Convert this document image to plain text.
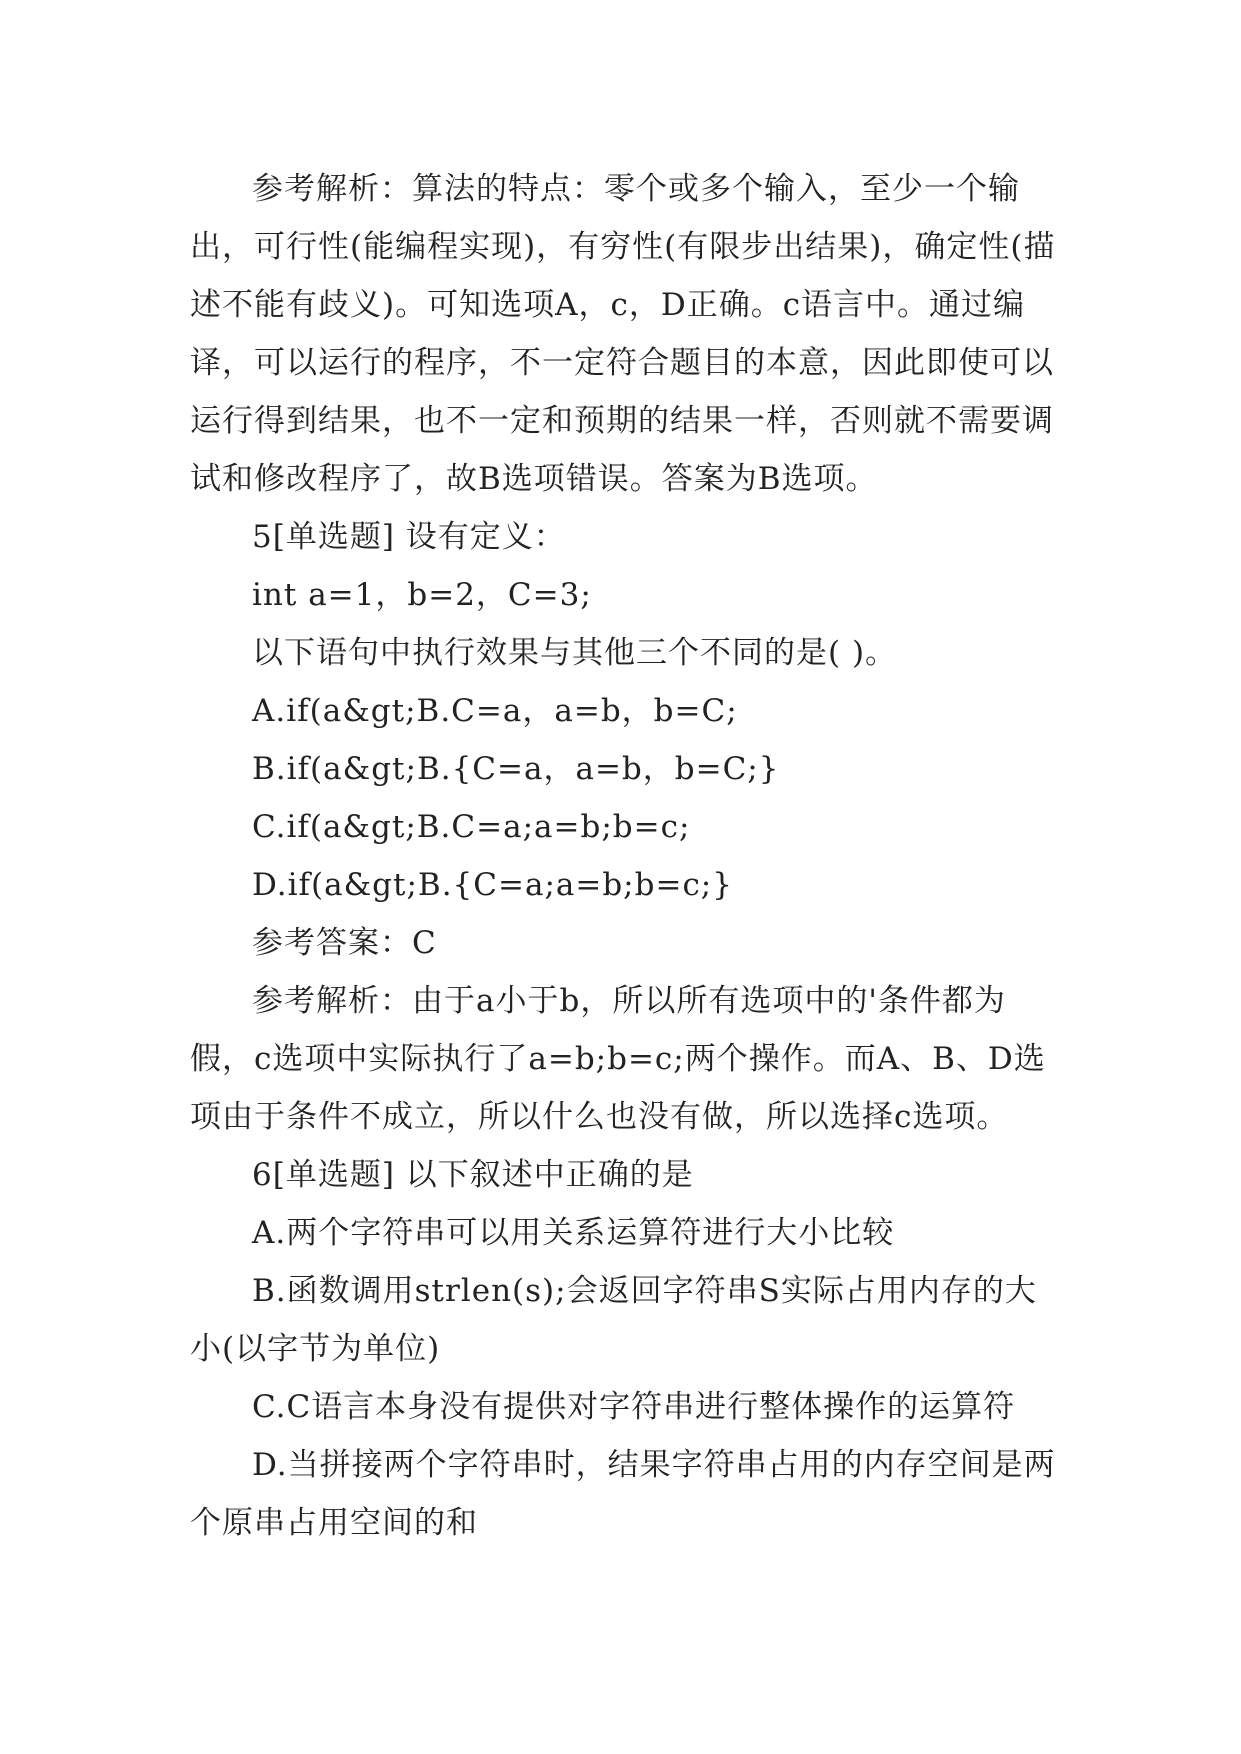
参考解析：算法的特点：零个或多个输入，至少一个输出，可行性(能编程实现)，有穷性(有限步出结果)，确定性(描述不能有歧义)。可知选项A，c，D正确。c语言中。通过编译，可以运行的程序，不一定符合题目的本意，因此即使可以运行得到结果，也不一定和预期的结果一样，否则就不需要调试和修改程序了，故B选项错误。答案为B选项。

5[单选题] 设有定义：

int a=1，b=2，C=3;

以下语句中执行效果与其他三个不同的是( )。

A.if(a&gt;B.C=a，a=b，b=C;

B.if(a&gt;B.{C=a，a=b，b=C;}

C.if(a&gt;B.C=a;a=b;b=c;

D.if(a&gt;B.{C=a;a=b;b=c;}

参考答案：C

参考解析：由于a小于b，所以所有选项中的'条件都为假，c选项中实际执行了a=b;b=c;两个操作。而A、B、D选项由于条件不成立，所以什么也没有做，所以选择c选项。

6[单选题] 以下叙述中正确的是

A.两个字符串可以用关系运算符进行大小比较

B.函数调用strlen(s);会返回字符串S实际占用内存的大小(以字节为单位)

C.C语言本身没有提供对字符串进行整体操作的运算符

D.当拼接两个字符串时，结果字符串占用的内存空间是两个原串占用空间的和
